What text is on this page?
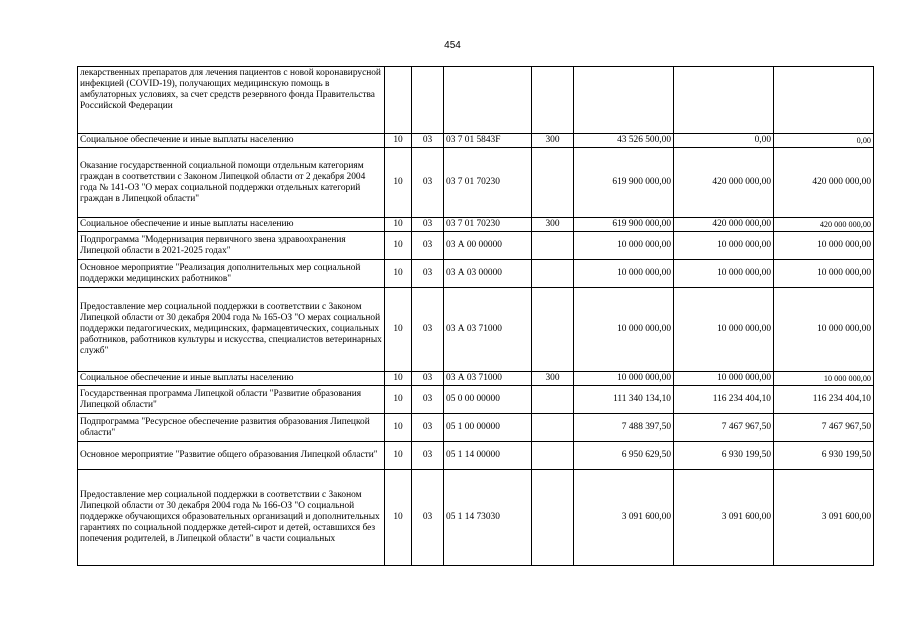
454
лекарственных препаратов для лечения пациентов с новой коронавирусной инфекцией (COVID-19), получающих медицинскую помощь в амбулаторных условиях, за счет средств резервного фонда Правительства Российской Федерации							
Социальное обеспечение и иные выплаты населению	10	03	03 7 01 5843F	300	43 526 500,00	0,00	0,00
Оказание государственной социальной помощи отдельным категориям граждан в соответствии с Законом Липецкой области от 2 декабря 2004 года № 141-ОЗ "О мерах социальной поддержки отдельных категорий граждан в Липецкой области"	10	03	03 7 01 70230		619 900 000,00	420 000 000,00	420 000 000,00
Социальное обеспечение и иные выплаты населению	10	03	03 7 01 70230	300	619 900 000,00	420 000 000,00	420 000 000,00
Подпрограмма "Модернизация первичного звена здравоохранения Липецкой области в 2021-2025 годах"	10	03	03 А 00 00000		10 000 000,00	10 000 000,00	10 000 000,00
Основное мероприятие "Реализация дополнительных мер социальной поддержки медицинских работников"	10	03	03 А 03 00000		10 000 000,00	10 000 000,00	10 000 000,00
Предоставление мер социальной поддержки в соответствии с Законом Липецкой области от 30 декабря 2004 года № 165-ОЗ "О мерах социальной поддержки педагогических, медицинских, фармацевтических, социальных работников, работников культуры и искусства, специалистов ветеринарных служб"	10	03	03 А 03 71000		10 000 000,00	10 000 000,00	10 000 000,00
Социальное обеспечение и иные выплаты населению	10	03	03 А 03 71000	300	10 000 000,00	10 000 000,00	10 000 000,00
Государственная программа Липецкой области "Развитие образования Липецкой области"	10	03	05 0 00 00000		111 340 134,10	116 234 404,10	116 234 404,10
Подпрограмма "Ресурсное обеспечение развития образования Липецкой области"	10	03	05 1 00 00000		7 488 397,50	7 467 967,50	7 467 967,50
Основное мероприятие "Развитие общего образования Липецкой области"	10	03	05 1 14 00000		6 950 629,50	6 930 199,50	6 930 199,50
Предоставление мер социальной поддержки в соответствии с Законом Липецкой области от 30 декабря 2004 года № 166-ОЗ "О социальной поддержке обучающихся образовательных организаций и дополнительных гарантиях по социальной поддержке детей-сирот и детей, оставшихся без попечения родителей, в Липецкой области" в части социальных	10	03	05 1 14 73030		3 091 600,00	3 091 600,00	3 091 600,00
